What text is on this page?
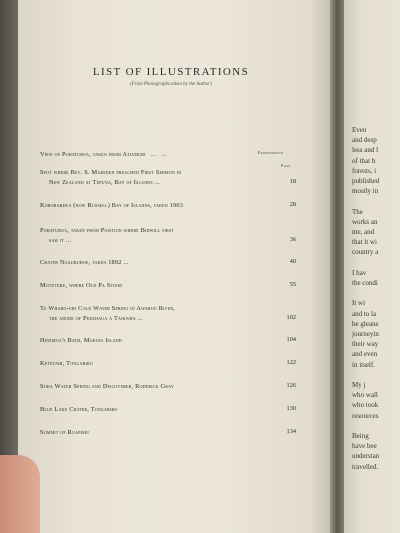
LIST OF ILLUSTRATIONS
(From Photographs taken by the Author)
Frontispiece
Page
View of Pohaturoa, taken from Atiamuri   ...   ...
Spot where Rev. S. Marsden preached First Sermon in
New Zealand at Tepuna, Bay of Islands ...	18
Kororareka (now Russell) Bay of Islands, taken 1903	28
Pohaturoa, taken from Position where Bidwill first
saw it ...	36
Crater Ngauruhoe, taken 1892 ...	40
Motutere, where Old Pa Stood	55
Te Wharo-uri Cold Water Spring in Awahou River,
the abode of Pekehaua a Taniwha ...	102
Hinemoa's Bath, Mokoia Island	104
Ketetahi, Tongariro	122
Soda Water Spring and Discoverer, Roderick Gray	126
Blue Lake Crater, Tongariro	130
Summit of Ruapehu	134
Even
and desp
less and l
of that b
forests, i
published
mostly in
The
works an
me, and
that it wi
country a
I hav
the condi
It wi
and to la
be gleane
journeyin
their way
and even
in itself.
My j
who wall
who took
resources
Being
have bee
understan
travelled.
